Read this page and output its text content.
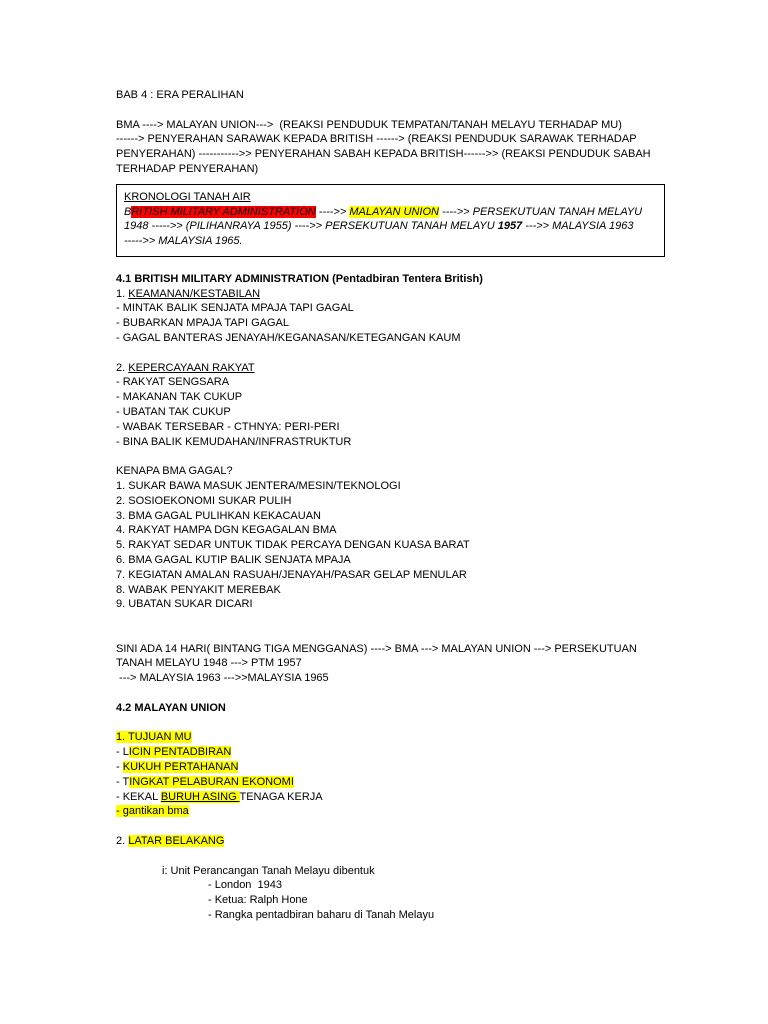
BAB 4 : ERA PERALIHAN
BMA ----> MALAYAN UNION--->  (REAKSI PENDUDUK TEMPATAN/TANAH MELAYU TERHADAP MU)
------> PENYERAHAN SARAWAK KEPADA BRITISH ------> (REAKSI PENDUDUK SARAWAK TERHADAP
PENYERAHAN) ----------->> PENYERAHAN SABAH KEPADA BRITISH------>> (REAKSI PENDUDUK SABAH
TERHADAP PENYERAHAN)
KRONOLOGI TANAH AIR
BRITISH MILITARY ADMINISTRATION ---->> MALAYAN UNION ---->> PERSEKUTUAN TANAH MELAYU
1948 ----->> (PILIHANRAYA 1955) ---->> PERSEKUTUAN TANAH MELAYU 1957 --->> MALAYSIA 1963
----->> MALAYSIA 1965.
4.1 BRITISH MILITARY ADMINISTRATION (Pentadbiran Tentera British)
1. KEAMANAN/KESTABILAN
- MINTAK BALIK SENJATA MPAJA TAPI GAGAL
- BUBARKAN MPAJA TAPI GAGAL
- GAGAL BANTERAS JENAYAH/KEGANASAN/KETEGANGAN KAUM
2. KEPERCAYAAN RAKYAT
- RAKYAT SENGSARA
- MAKANAN TAK CUKUP
- UBATAN TAK CUKUP
- WABAK TERSEBAR - CTHNYA: PERI-PERI
- BINA BALIK KEMUDAHAN/INFRASTRUKTUR
KENAPA BMA GAGAL?
1. SUKAR BAWA MASUK JENTERA/MESIN/TEKNOLOGI
2. SOSIOEKONOMI SUKAR PULIH
3. BMA GAGAL PULIHKAN KEKACAUAN
4. RAKYAT HAMPA DGN KEGAGALAN BMA
5. RAKYAT SEDAR UNTUK TIDAK PERCAYA DENGAN KUASA BARAT
6. BMA GAGAL KUTIP BALIK SENJATA MPAJA
7. KEGIATAN AMALAN RASUAH/JENAYAH/PASAR GELAP MENULAR
8. WABAK PENYAKIT MEREBAK
9. UBATAN SUKAR DICARI
SINI ADA 14 HARI( BINTANG TIGA MENGGANAS) ----> BMA ---> MALAYAN UNION ---> PERSEKUTUAN
TANAH MELAYU 1948 ---> PTM 1957
---> MALAYSIA 1963 --->>MALAYSIA 1965
4.2 MALAYAN UNION
1. TUJUAN MU
- LICIN PENTADBIRAN
- KUKUH PERTAHANAN
- TINGKAT PELABURAN EKONOMI
- KEKAL BURUH ASING TENAGA KERJA
- gantikan bma
2. LATAR BELAKANG
i: Unit Perancangan Tanah Melayu dibentuk
- London  1943
- Ketua: Ralph Hone
- Rangka pentadbiran baharu di Tanah Melayu
